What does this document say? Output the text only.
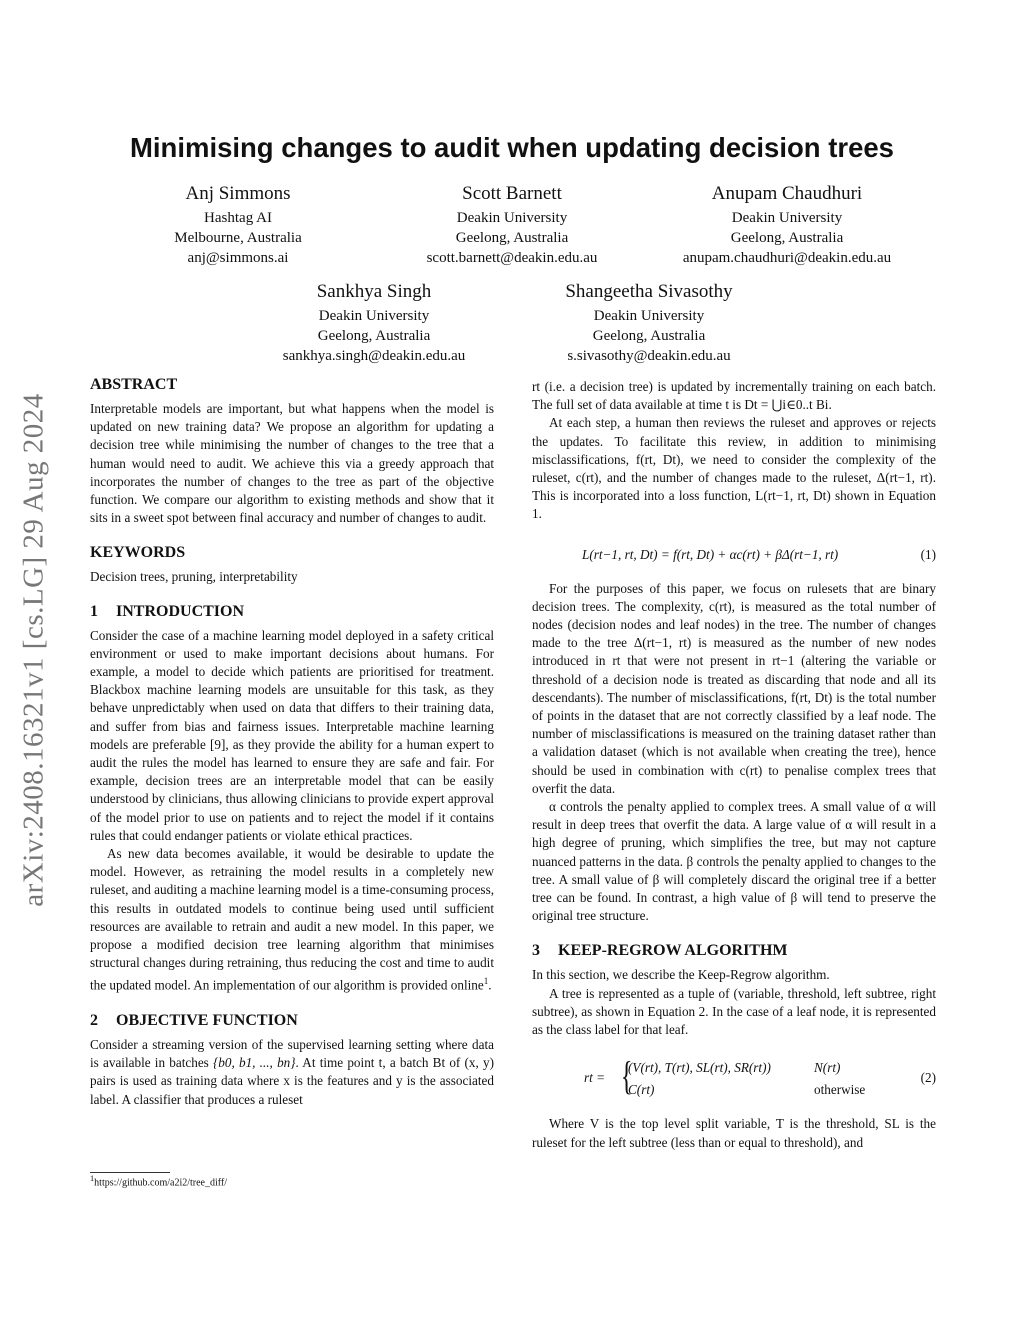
arXiv:2408.16321v1 [cs.LG] 29 Aug 2024
Minimising changes to audit when updating decision trees
Anj Simmons
Hashtag AI
Melbourne, Australia
anj@simmons.ai
Scott Barnett
Deakin University
Geelong, Australia
scott.barnett@deakin.edu.au
Anupam Chaudhuri
Deakin University
Geelong, Australia
anupam.chaudhuri@deakin.edu.au
Sankhya Singh
Deakin University
Geelong, Australia
sankhya.singh@deakin.edu.au
Shangeetha Sivasothy
Deakin University
Geelong, Australia
s.sivasothy@deakin.edu.au

ABSTRACT

Interpretable models are important, but what happens when the model is updated on new training data? We propose an algorithm for updating a decision tree while minimising the number of changes to the tree that a human would need to audit. We achieve this via a greedy approach that incorporates the number of changes to the tree as part of the objective function. We compare our algorithm to existing methods and show that it sits in a sweet spot between final accuracy and number of changes to audit.

KEYWORDS

Decision trees, pruning, interpretability

1 INTRODUCTION

Consider the case of a machine learning model deployed in a safety critical environment or used to make important decisions about humans. For example, a model to decide which patients are prioritised for treatment. Blackbox machine learning models are unsuitable for this task, as they behave unpredictably when used on data that differs to their training data, and suffer from bias and fairness issues. Interpretable machine learning models are preferable [9], as they provide the ability for a human expert to audit the rules the model has learned to ensure they are safe and fair. For example, decision trees are an interpretable model that can be easily understood by clinicians, thus allowing clinicians to provide expert approval of the model prior to use on patients and to reject the model if it contains rules that could endanger patients or violate ethical practices.

As new data becomes available, it would be desirable to update the model. However, as retraining the model results in a completely new ruleset, and auditing a machine learning model is a time-consuming process, this results in outdated models to continue being used until sufficient resources are available to retrain and audit a new model. In this paper, we propose a modified decision tree learning algorithm that minimises structural changes during retraining, thus reducing the cost and time to audit the updated model. An implementation of our algorithm is provided online$^1$.

2 OBJECTIVE FUNCTION

Consider a streaming version of the supervised learning setting where data is available in batches {b0, b1, ..., bn}. At time point t, a batch Bt of (x, y) pairs is used as training data where x is the features and y is the associated label. A classifier that produces a ruleset

$^1$https://github.com/a2i2/tree_diff/

rt (i.e. a decision tree) is updated by incrementally training on each batch. The full set of data available at time t is Dt = ⋃i∈0..t Bi.

At each step, a human then reviews the ruleset and approves or rejects the updates. To facilitate this review, in addition to minimising misclassifications, f(rt, Dt), we need to consider the complexity of the ruleset, c(rt), and the number of changes made to the ruleset, Δ(rt−1, rt). This is incorporated into a loss function, L(rt−1, rt, Dt) shown in Equation 1.

L(rt−1, rt, Dt) = f(rt, Dt) + αc(rt) + βΔ(rt−1, rt)	(1)

For the purposes of this paper, we focus on rulesets that are binary decision trees. The complexity, c(rt), is measured as the total number of nodes (decision nodes and leaf nodes) in the tree. The number of changes made to the tree Δ(rt−1, rt) is measured as the number of new nodes introduced in rt that were not present in rt−1 (altering the variable or threshold of a decision node is treated as discarding that node and all its descendants). The number of misclassifications, f(rt, Dt) is the total number of points in the dataset that are not correctly classified by a leaf node. The number of misclassifications is measured on the training dataset rather than a validation dataset (which is not available when creating the tree), hence should be used in combination with c(rt) to penalise complex trees that overfit the data.

α controls the penalty applied to complex trees. A small value of α will result in deep trees that overfit the data. A large value of α will result in a high degree of pruning, which simplifies the tree, but may not capture nuanced patterns in the data. β controls the penalty applied to changes to the tree. A small value of β will completely discard the original tree if a better tree can be found. In contrast, a high value of β will tend to preserve the original tree structure.

3 KEEP-REGROW ALGORITHM

In this section, we describe the Keep-Regrow algorithm.

A tree is represented as a tuple of (variable, threshold, left subtree, right subtree), as shown in Equation 2. In the case of a leaf node, it is represented as the class label for that leaf.

rt = {
(V(rt), T(rt), SL(rt), SR(rt))	N(rt)
C(rt)	otherwise
(2)

Where V is the top level split variable, T is the threshold, SL is the ruleset for the left subtree (less than or equal to threshold), and
